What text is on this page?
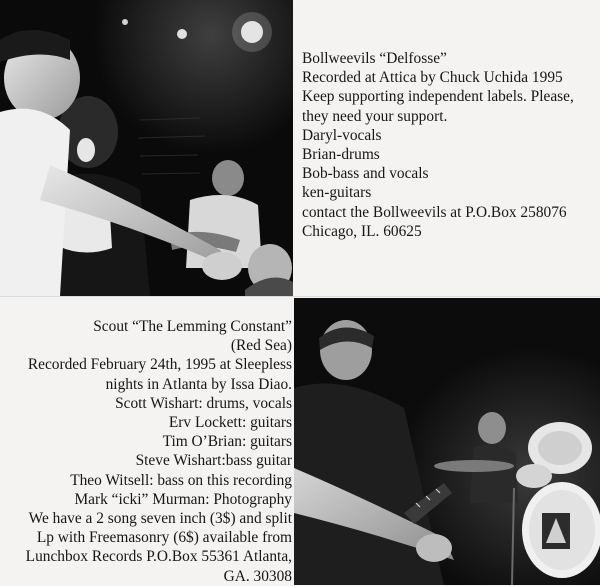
Bollweevils “Delfosse”
Recorded at Attica by Chuck Uchida 1995
Keep supporting independent labels. Please,
they need your support.
Daryl-vocals
Brian-drums
Bob-bass and vocals
ken-guitars
contact the Bollweevils at P.O.Box 258076
Chicago, IL. 60625
Scout “The Lemming Constant”
(Red Sea)
Recorded February 24th, 1995 at Sleepless
nights in Atlanta by Issa Diao.
Scott Wishart: drums, vocals
Erv Lockett: guitars
Tim O’Brian: guitars
Steve Wishart:bass guitar
Theo Witsell: bass on this recording
Mark “icki” Murman: Photography
We have a 2 song seven inch (3$) and split
Lp with Freemasonry (6$) available from
Lunchbox Records P.O.Box 55361 Atlanta,
GA. 30308
